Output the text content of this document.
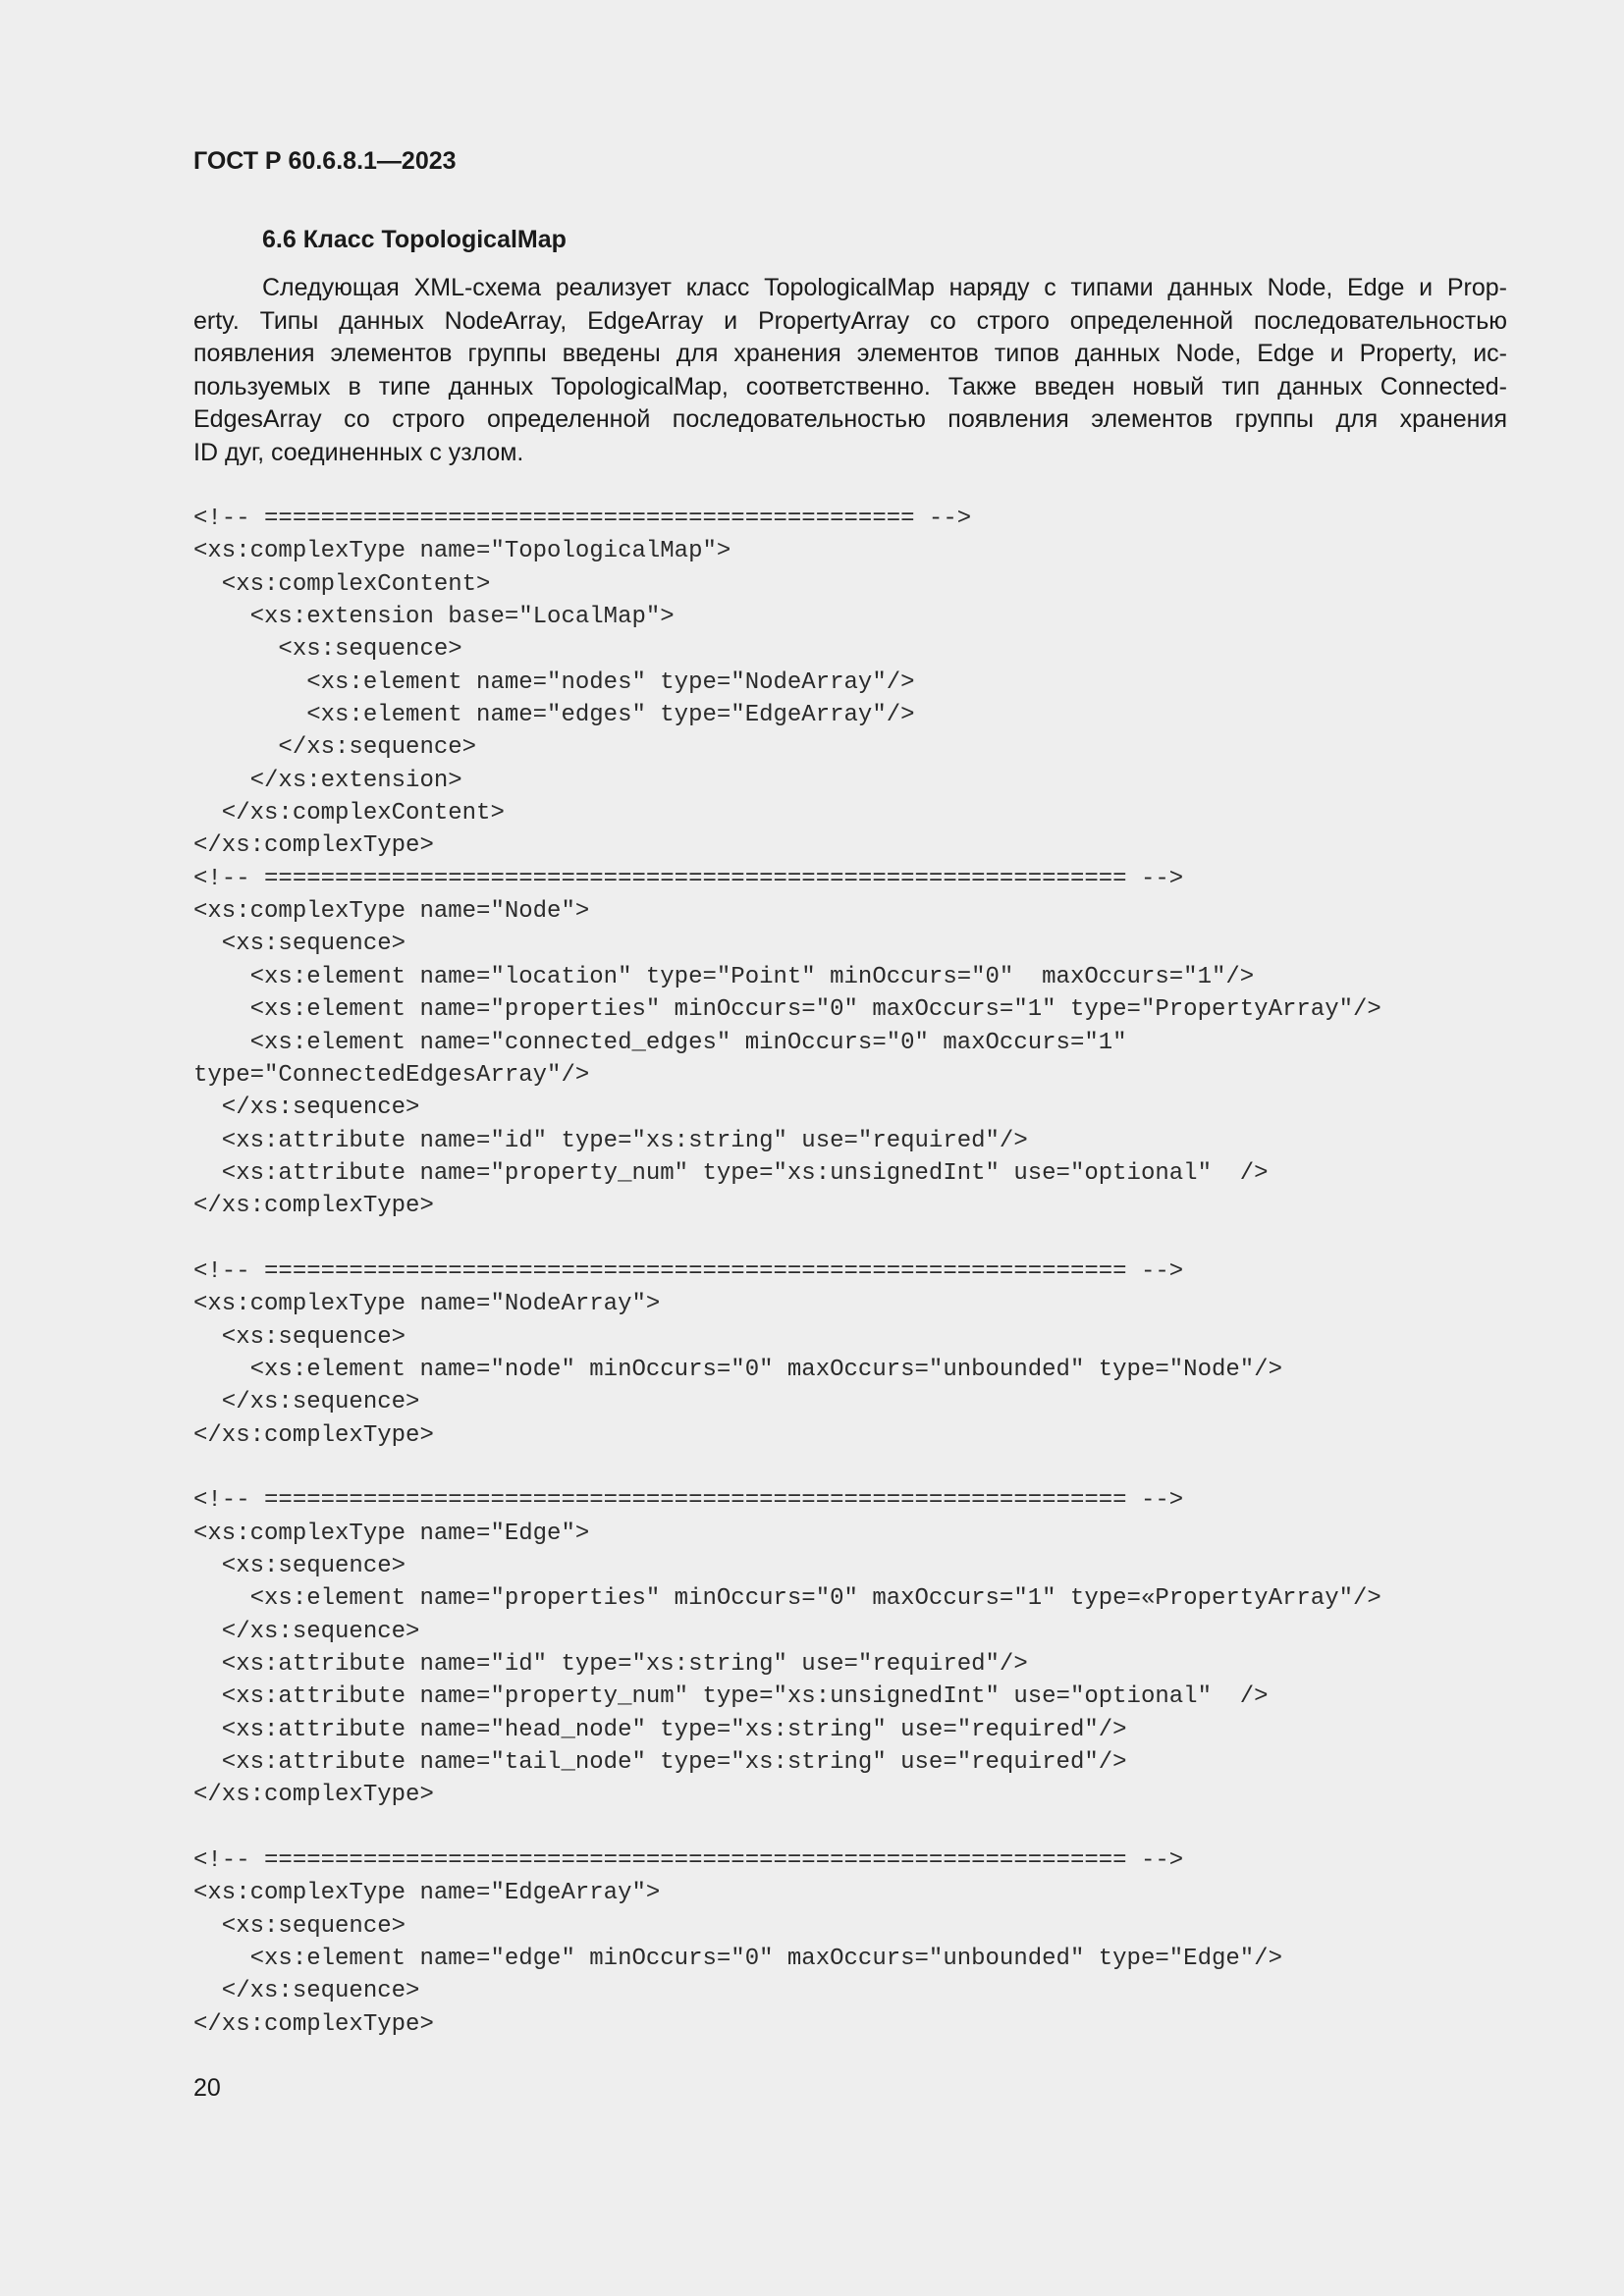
ГОСТ Р 60.6.8.1—2023
6.6 Класс TopologicalMap
Следующая XML-схема реализует класс TopologicalMap наряду с типами данных Node, Edge и Prop-
erty. Типы данных NodeArray, EdgeArray и PropertyArray со строго определенной последовательностью
появления элементов группы введены для хранения элементов типов данных Node, Edge и Property, ис-
пользуемых в типе данных TopologicalMap, соответственно. Также введен новый тип данных Connected-
EdgesArray со строго определенной последовательностью появления элементов группы для хранения
ID дуг, соединенных с узлом.
<!-- ============================================== -->
<xs:complexType name="TopologicalMap">
<xs:complexContent>
<xs:extension base="LocalMap">
<xs:sequence>
<xs:element name="nodes" type="NodeArray"/>
<xs:element name="edges" type="EdgeArray"/>
</xs:sequence>
</xs:extension>
</xs:complexContent>
</xs:complexType>
<!-- ============================================================= -->
<xs:complexType name="Node">
<xs:sequence>
<xs:element name="location" type="Point" minOccurs="0"  maxOccurs="1"/>
<xs:element name="properties" minOccurs="0" maxOccurs="1" type="PropertyArray"/>
<xs:element name="connected_edges" minOccurs="0" maxOccurs="1"
type="ConnectedEdgesArray"/>
</xs:sequence>
<xs:attribute name="id" type="xs:string" use="required"/>
<xs:attribute name="property_num" type="xs:unsignedInt" use="optional"  />
</xs:complexType>
<!-- ============================================================= -->
<xs:complexType name="NodeArray">
<xs:sequence>
<xs:element name="node" minOccurs="0" maxOccurs="unbounded" type="Node"/>
</xs:sequence>
</xs:complexType>
<!-- ============================================================= -->
<xs:complexType name="Edge">
<xs:sequence>
<xs:element name="properties" minOccurs="0" maxOccurs="1" type=«PropertyArray"/>
</xs:sequence>
<xs:attribute name="id" type="xs:string" use="required"/>
<xs:attribute name="property_num" type="xs:unsignedInt" use="optional"  />
<xs:attribute name="head_node" type="xs:string" use="required"/>
<xs:attribute name="tail_node" type="xs:string" use="required"/>
</xs:complexType>
<!-- ============================================================= -->
<xs:complexType name="EdgeArray">
<xs:sequence>
<xs:element name="edge" minOccurs="0" maxOccurs="unbounded" type="Edge"/>
</xs:sequence>
</xs:complexType>
20
